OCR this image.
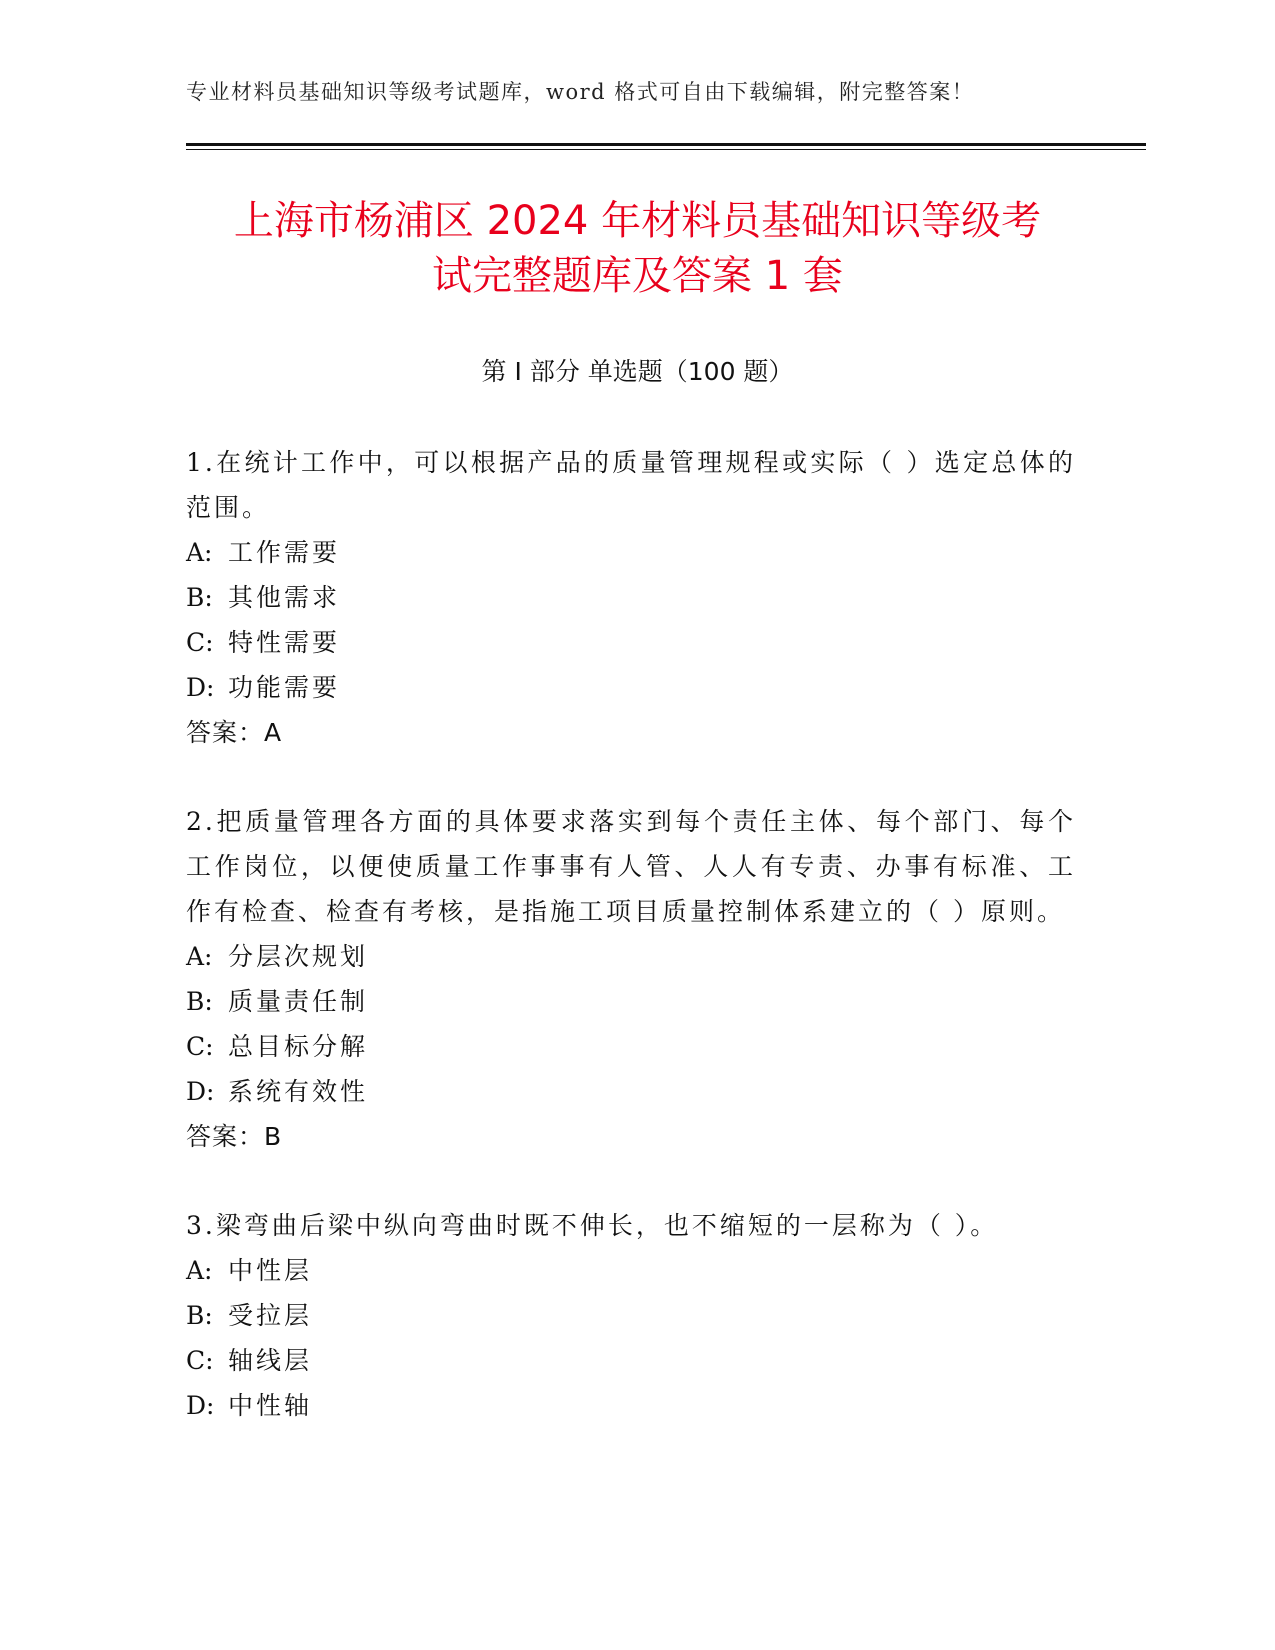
专业材料员基础知识等级考试题库，word 格式可自由下载编辑，附完整答案！
上海市杨浦区 2024 年材料员基础知识等级考
试完整题库及答案 1 套
第 I 部分 单选题（100 题）
1.在统计工作中，可以根据产品的质量管理规程或实际（ ）选定总体的范围。
A: 工作需要
B: 其他需求
C: 特性需要
D: 功能需要
答案：A
2.把质量管理各方面的具体要求落实到每个责任主体、每个部门、每个工作岗位，以便使质量工作事事有人管、人人有专责、办事有标准、工作有检查、检查有考核，是指施工项目质量控制体系建立的（ ）原则。
A: 分层次规划
B: 质量责任制
C: 总目标分解
D: 系统有效性
答案：B
3.梁弯曲后梁中纵向弯曲时既不伸长，也不缩短的一层称为（ ）。
A: 中性层
B: 受拉层
C: 轴线层
D: 中性轴
